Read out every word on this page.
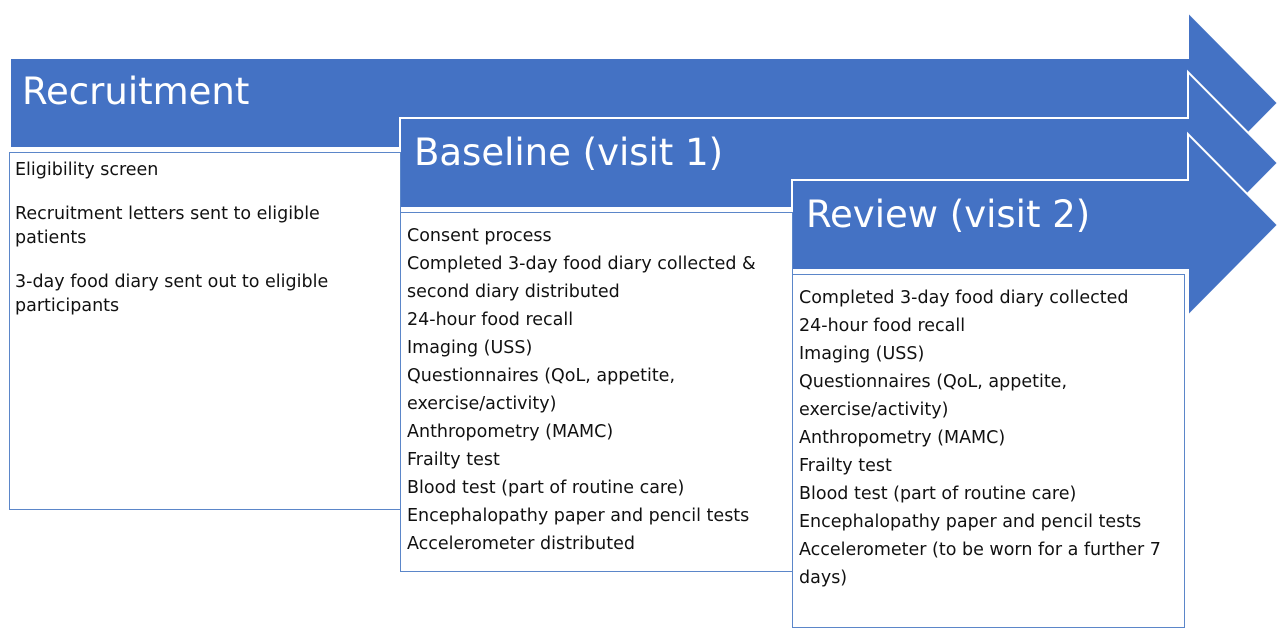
Recruitment
Baseline (visit 1)
Review (visit 2)
Eligibility screen
Recruitment letters sent to eligible patients
3-day food diary sent out to eligible participants
Consent process
Completed 3-day food diary collected & second diary distributed
24-hour food recall
Imaging (USS)
Questionnaires (QoL, appetite, exercise/activity)
Anthropometry (MAMC)
Frailty test
Blood test (part of routine care)
Encephalopathy paper and pencil tests
Accelerometer distributed
Completed 3-day food diary collected
24-hour food recall
Imaging (USS)
Questionnaires (QoL, appetite, exercise/activity)
Anthropometry (MAMC)
Frailty test
Blood test (part of routine care)
Encephalopathy paper and pencil tests
Accelerometer (to be worn for a further 7 days)
